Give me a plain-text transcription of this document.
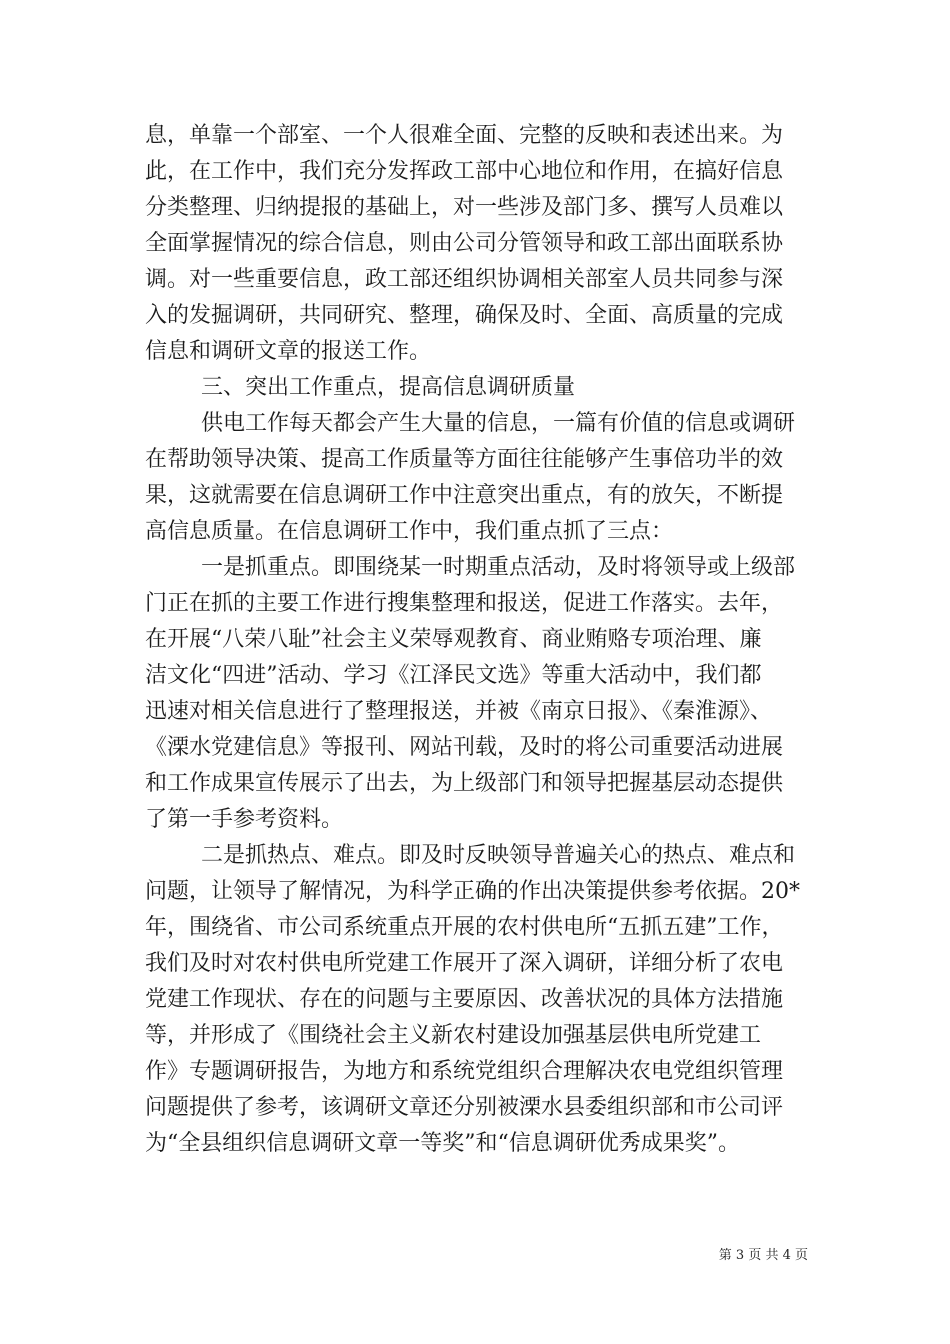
息，单靠一个部室、一个人很难全面、完整的反映和表述出来。为
此，在工作中，我们充分发挥政工部中心地位和作用，在搞好信息
分类整理、归纳提报的基础上，对一些涉及部门多、撰写人员难以
全面掌握情况的综合信息，则由公司分管领导和政工部出面联系协
调。对一些重要信息，政工部还组织协调相关部室人员共同参与深
入的发掘调研，共同研究、整理，确保及时、全面、高质量的完成
信息和调研文章的报送工作。
三、突出工作重点，提高信息调研质量
供电工作每天都会产生大量的信息，一篇有价值的信息或调研
在帮助领导决策、提高工作质量等方面往往能够产生事倍功半的效
果，这就需要在信息调研工作中注意突出重点，有的放矢，不断提
高信息质量。在信息调研工作中，我们重点抓了三点：
一是抓重点。即围绕某一时期重点活动，及时将领导或上级部
门正在抓的主要工作进行搜集整理和报送，促进工作落实。去年，
在开展“八荣八耻”社会主义荣辱观教育、商业贿赂专项治理、廉
洁文化“四进”活动、学习《江泽民文选》等重大活动中，我们都
迅速对相关信息进行了整理报送，并被《南京日报》、《秦淮源》、
《溧水党建信息》等报刊、网站刊载，及时的将公司重要活动进展
和工作成果宣传展示了出去，为上级部门和领导把握基层动态提供
了第一手参考资料。
二是抓热点、难点。即及时反映领导普遍关心的热点、难点和
问题，让领导了解情况，为科学正确的作出决策提供参考依据。20*
年，围绕省、市公司系统重点开展的农村供电所“五抓五建”工作，
我们及时对农村供电所党建工作展开了深入调研，详细分析了农电
党建工作现状、存在的问题与主要原因、改善状况的具体方法措施
等，并形成了《围绕社会主义新农村建设加强基层供电所党建工
作》专题调研报告，为地方和系统党组织合理解决农电党组织管理
问题提供了参考，该调研文章还分别被溧水县委组织部和市公司评
为“全县组织信息调研文章一等奖”和“信息调研优秀成果奖”。
第 3 页 共 4 页
